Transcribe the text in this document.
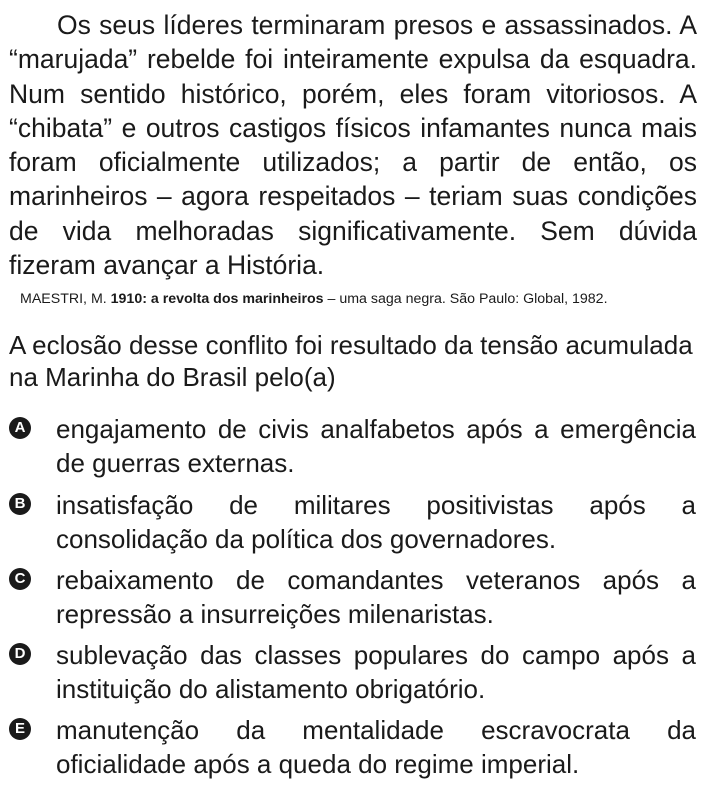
Os seus líderes terminaram presos e assassinados. A “marujada” rebelde foi inteiramente expulsa da esquadra. Num sentido histórico, porém, eles foram vitoriosos. A “chibata” e outros castigos físicos infamantes nunca mais foram oficialmente utilizados; a partir de então, os marinheiros – agora respeitados – teriam suas condições de vida melhoradas significativamente. Sem dúvida fizeram avançar a História.

MAESTRI, M. 1910: a revolta dos marinheiros – uma saga negra. São Paulo: Global, 1982.
A eclosão desse conflito foi resultado da tensão acumulada na Marinha do Brasil pelo(a)
A engajamento de civis analfabetos após a emergência de guerras externas.
B insatisfação de militares positivistas após a consolidação da política dos governadores.
C rebaixamento de comandantes veteranos após a repressão a insurreições milenaristas.
D sublevação das classes populares do campo após a instituição do alistamento obrigatório.
E manutenção da mentalidade escravocrata da oficialidade após a queda do regime imperial.
